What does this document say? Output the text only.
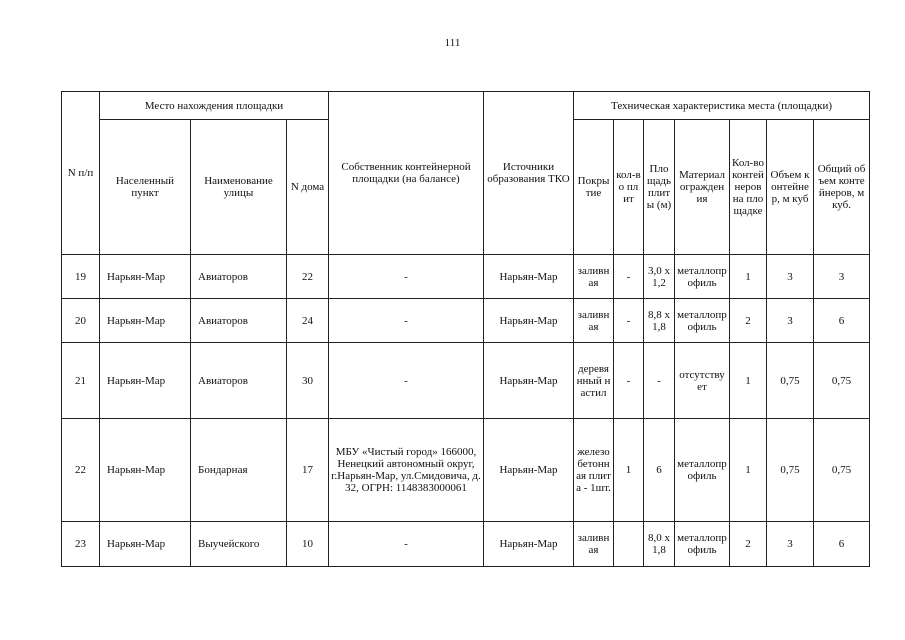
111
N п/п	Место нахождения площадки			Собственник контейнерной площадки (на балансе)	Источники образования ТКО	Техническая характеристика места (площадки)						
	Населенный пункт	Наименование улицы	N дома			Покрытие	кол-во плит	Площадь плиты (м)	Материал ограждения	Кол-во контейнеров на площадке	Объем контейнер, м куб	Общий объем контейнеров, м куб.
19	Нарьян-Мар	Авиаторов	22	-	Нарьян-Мар	заливная	-	3,0 х 1,2	металлопрофиль	1	3	3
20	Нарьян-Мар	Авиаторов	24	-	Нарьян-Мар	заливная	-	8,8 х 1,8	металлопрофиль	2	3	6
21	Нарьян-Мар	Авиаторов	30	-	Нарьян-Мар	деревянный настил	-	-	отсутствует	1	0,75	0,75
22	Нарьян-Мар	Бондарная	17	МБУ «Чистый город» 166000, Ненецкий автономный округ, г.Нарьян-Мар, ул.Смидовича, д. 32, ОГРН: 1148383000061	Нарьян-Мар	железобетонная плита - 1шт.	1	6	металлопрофиль	1	0,75	0,75
23	Нарьян-Мар	Выучейского	10	-	Нарьян-Мар	заливная		8,0 х 1,8	металлопрофиль	2	3	6
